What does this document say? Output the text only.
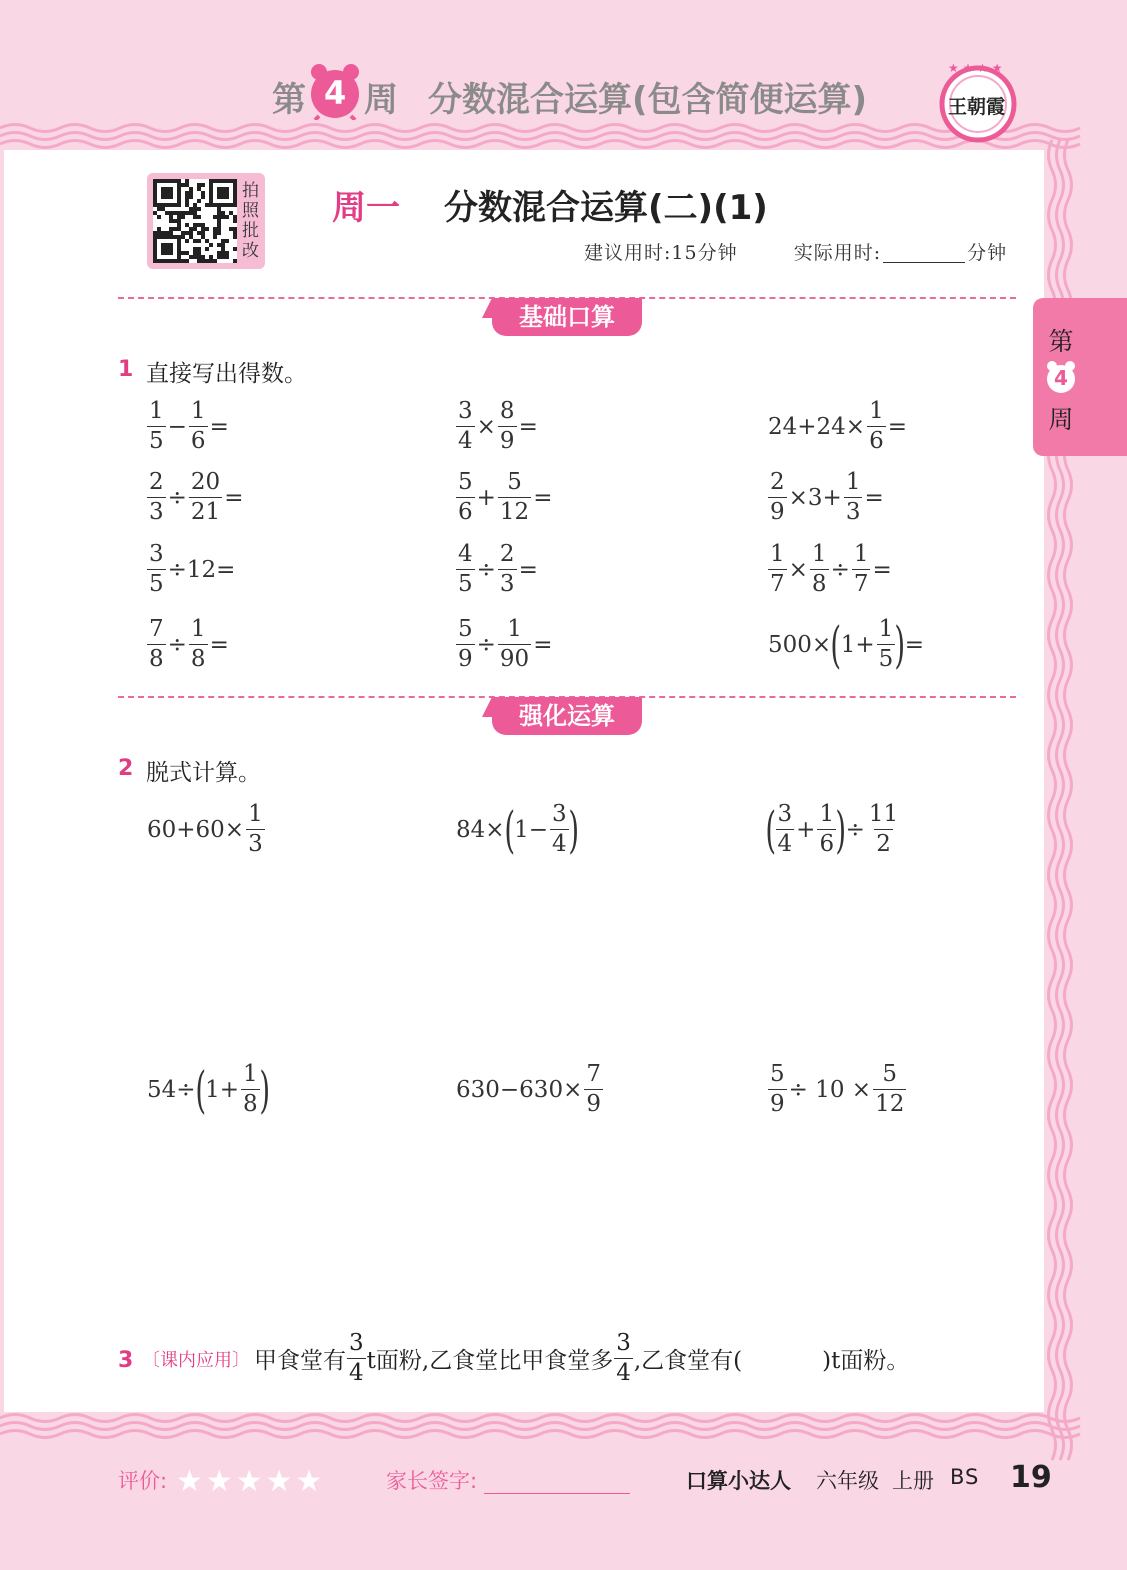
第 4 周 分数混合运算(包含简便运算)
★ ★ ★ ★
王朝霞
拍
照
批
改
周一 分数混合运算(二)(1)
建议用时:15分钟	实际用时:	分钟
第
4
周
基础口算
1 直接写出得数。
强化运算
2 脱式计算。
3 〔课内应用〕 甲食堂有 $\frac{3}{4}$ t面粉,乙食堂比甲食堂多 $\frac{3}{4}$ ,乙食堂有(	)t面粉。
评价: ★★★★★	家长签字:	口算小达人 六年级 上册 BS 19
$\frac{1}{5} - \frac{1}{6}$ =	$\frac{3}{4} \times \frac{8}{9}$ =	$24+24\times \frac{1}{6}$ =
$\frac{2}{3} \div \frac{20}{21}$ =	$\frac{5}{6} + \frac{5}{12}$ =	$\frac{2}{9} \times 3+ \frac{1}{3}$ =
$\frac{3}{5} \div 12=$	$\frac{4}{5} \div \frac{2}{3}$ =	$\frac{1}{7} \times \frac{1}{8} \div \frac{1}{7}$ =
$\frac{7}{8} \div \frac{1}{8}$ =	$\frac{5}{9} \div \frac{1}{90}$ =	500× ( $1+ \frac{1}{5}$ ) =
$60+60\times \frac{1}{3}$	84× ( $1- \frac{3}{4}$ )	( $\frac{3}{4} + \frac{1}{6}$ ) ÷ $\frac{11}{2}$
54÷ ( $1+ \frac{1}{8}$ )	$630-630\times \frac{7}{9}$	$\frac{5}{9} \div 10 \times \frac{5}{12}$
